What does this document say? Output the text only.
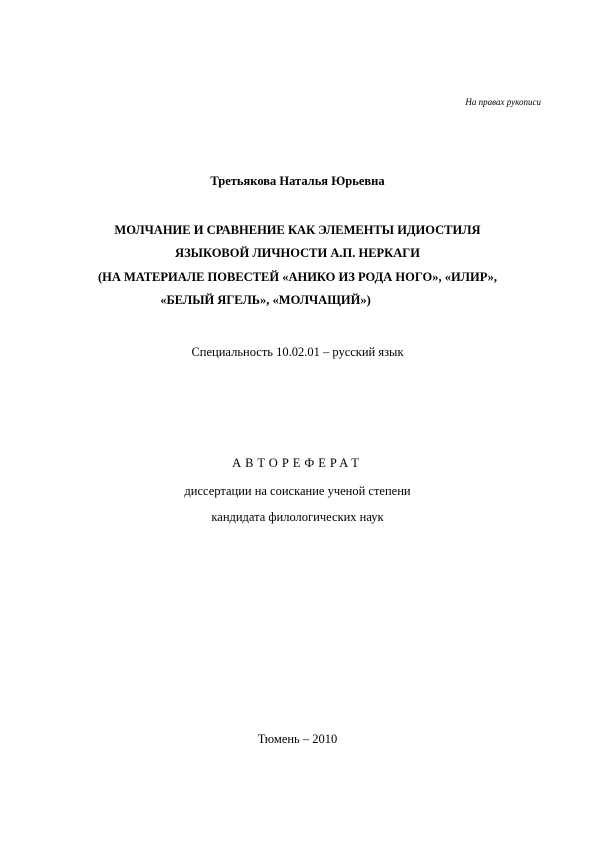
На правах рукописи
Третьякова Наталья Юрьевна
МОЛЧАНИЕ И СРАВНЕНИЕ КАК ЭЛЕМЕНТЫ ИДИОСТИЛЯ
ЯЗЫКОВОЙ ЛИЧНОСТИ А.П. НЕРКАГИ
(НА МАТЕРИАЛЕ ПОВЕСТЕЙ «АНИКО ИЗ РОДА НОГО», «ИЛИР»,
«БЕЛЫЙ ЯГЕЛЬ», «МОЛЧАЩИЙ»)
Специальность 10.02.01 – русский язык
АВТОРЕФЕРАТ
диссертации на соискание ученой степени
кандидата филологических наук
Тюмень – 2010
